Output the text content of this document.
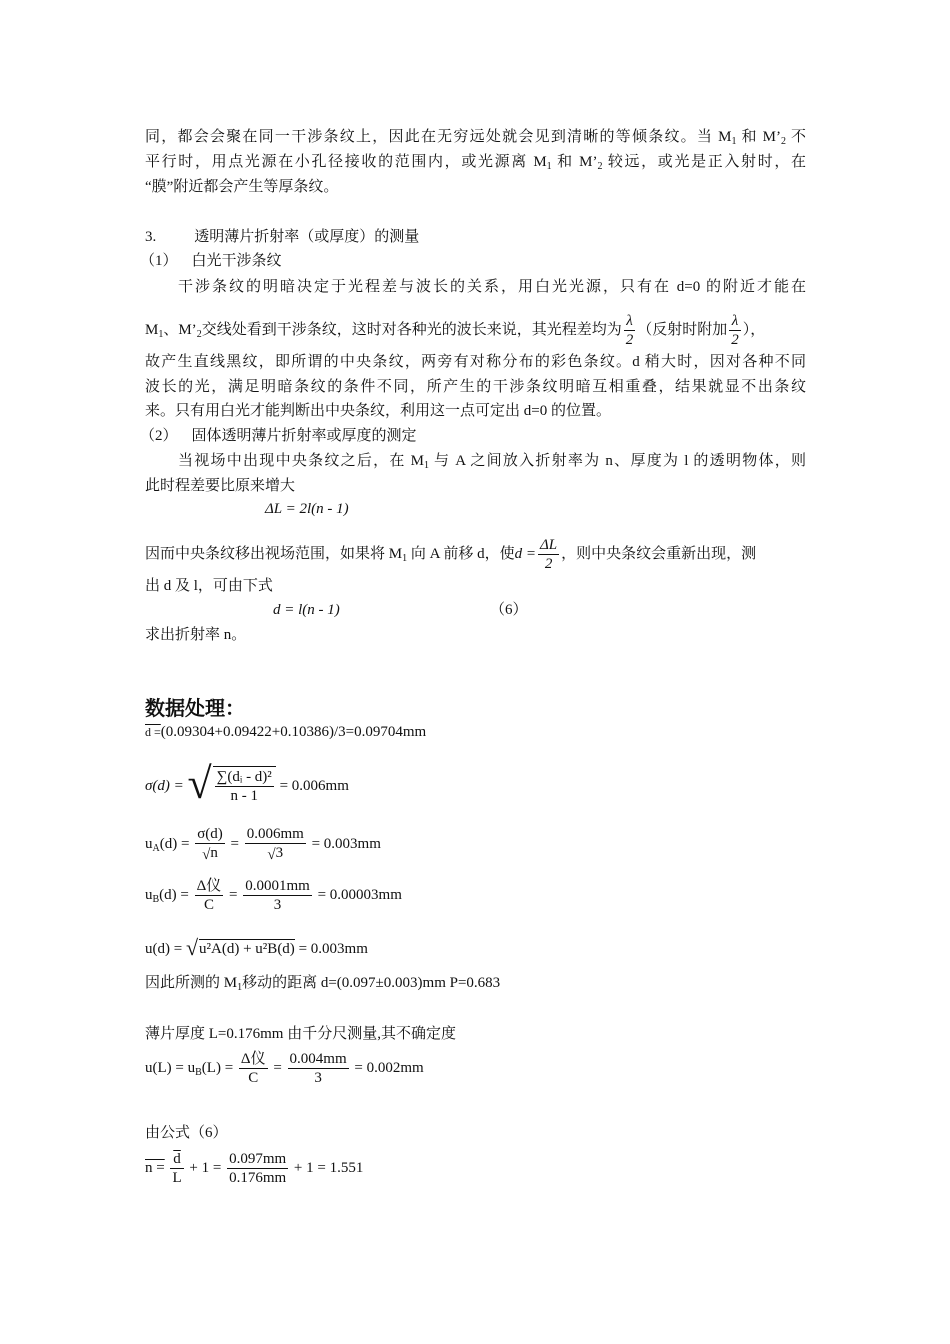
同，都会会聚在同一干涉条纹上，因此在无穷远处就会见到清晰的等倾条纹。当 $M_1$ 和 $M’_2$ 不
平行时，用点光源在小孔径接收的范围内，或光源离 $M_1$ 和 $M’_2$ 较远，或光是正入射时，在
“膜”附近都会产生等厚条纹。
3.	透明薄片折射率（或厚度）的测量
（1） 白光干涉条纹
干涉条纹的明暗决定于光程差与波长的关系，用白光光源，只有在 d=0 的附近才能在
$M_1$、$M’_2$交线处看到干涉条纹，这时对各种光的波长来说，其光程差均为 $\frac{\lambda}{2}$ （反射时附加 $\frac{\lambda}{2}$ ），
故产生直线黑纹，即所谓的中央条纹，两旁有对称分布的彩色条纹。d 稍大时，因对各种不同
波长的光，满足明暗条纹的条件不同，所产生的干涉条纹明暗互相重叠，结果就显不出条纹
来。只有用白光才能判断出中央条纹，利用这一点可定出 d=0 的位置。
（2） 固体透明薄片折射率或厚度的测定
当视场中出现中央条纹之后，在 $M_1$ 与 A 之间放入折射率为 n、厚度为 l 的透明物体，则
此时程差要比原来增大
ΔL = 2l(n - 1)
因而中央条纹移出视场范围，如果将 $M_1$ 向 A 前移 d，使$d = \frac{\Delta L}{2}$ ，则中央条纹会重新出现，测
出 d 及 l，可由下式
d = l(n - 1)	（6）
求出折射率 n。
数据处理：
d =(0.09304+0.09422+0.10386)/3=0.09704mm
σ(d) = √ $\frac{\text{∑(dᵢ - d)²}}{n - 1} = 0.006mm$
$u_A(d) = \frac{\sigma(d)}{√n} = \frac{0.006mm}{√3} = 0.003mm$
$u_B(d) = \frac{\text{Δ仪}}{C} = \frac{0.0001mm}{3} = 0.00003mm$
u(d) = √u²A(d) + u²B(d) = 0.003mm
因此所测的 $M_1$移动的距离 d=(0.097±0.003)mm P=0.683
薄片厚度 L=0.176mm 由千分尺测量,其不确定度
$u(L) = u_B(L) = \frac{\text{Δ仪}}{C} = \frac{0.004mm}{3} = 0.002mm$
由公式（6）
$n = \frac{\overline{d}}{L} + 1 = \frac{0.097mm}{0.176mm} + 1 = 1.551$
